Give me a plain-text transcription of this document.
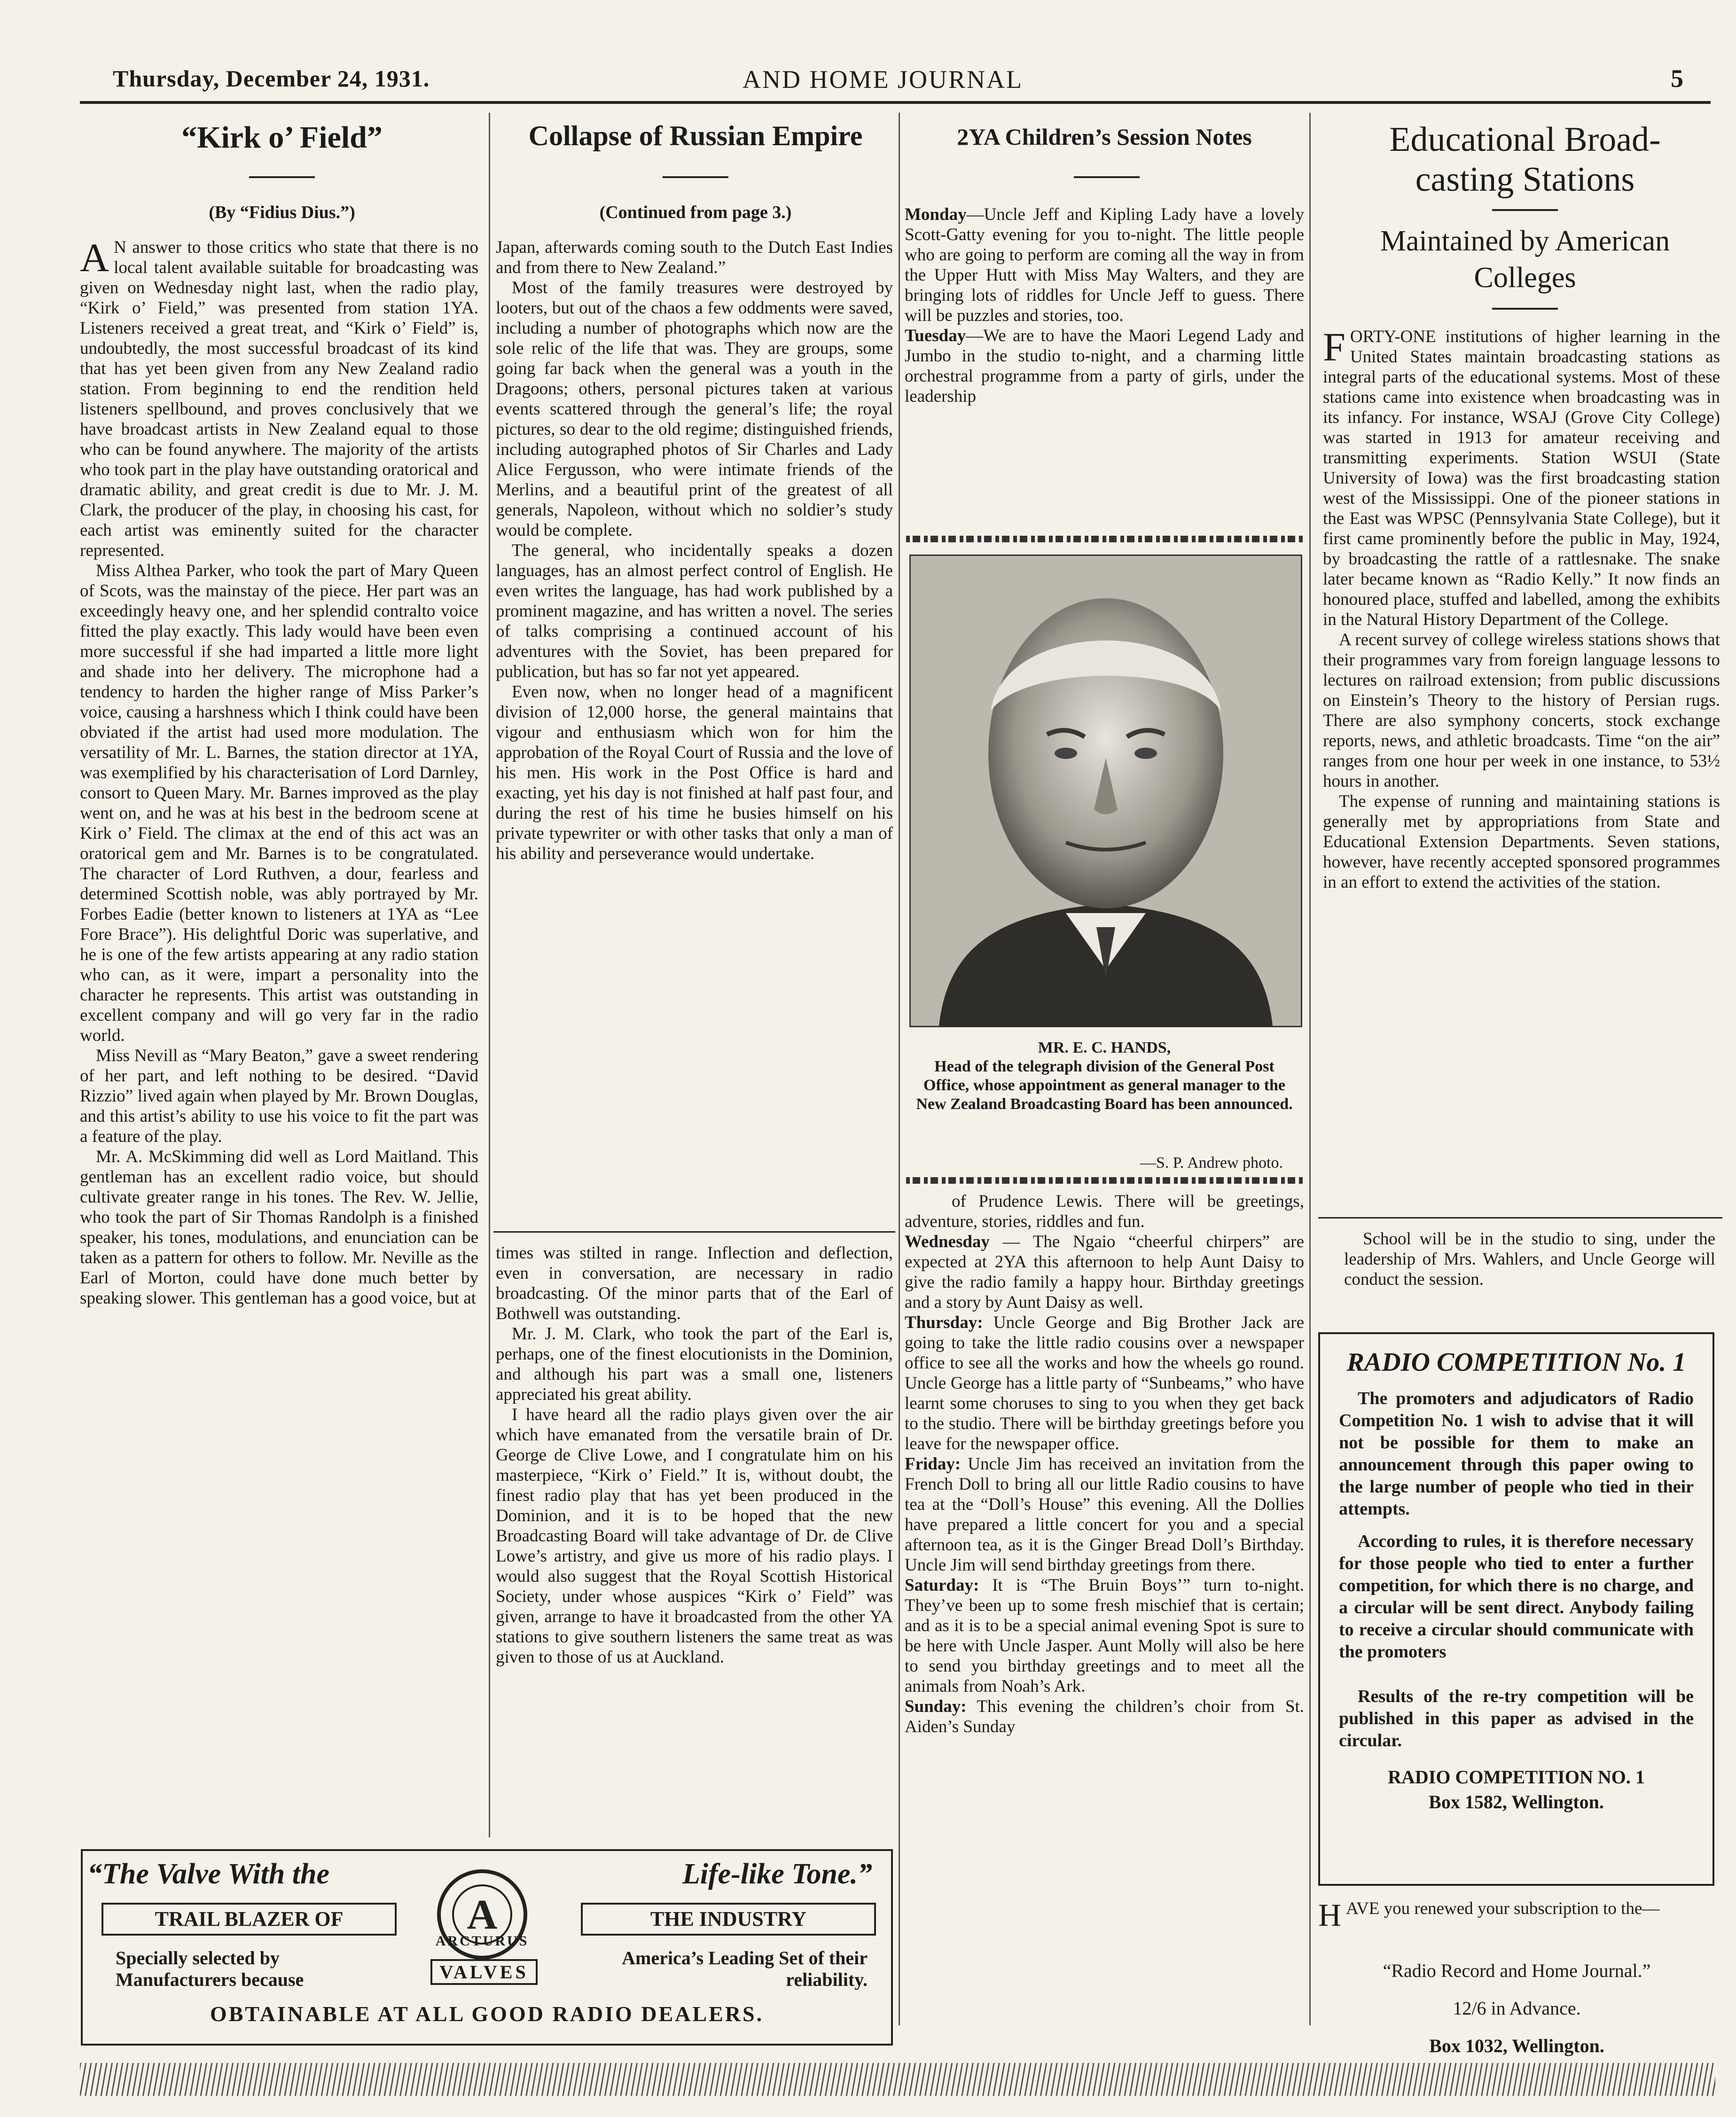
Thursday, December 24, 1931.	AND HOME JOURNAL	5
“Kirk o’ Field”
(By “Fidius Dius.”)

A N answer to those critics who state that there is no local talent available suitable for broadcasting was given on Wednesday night last, when the radio play, “Kirk o’ Field,” was presented from station 1YA. Listeners received a great treat, and “Kirk o’ Field” is, undoubtedly, the most successful broadcast of its kind that has yet been given from any New Zealand radio station. From beginning to end the rendition held listeners spellbound, and proves conclusively that we have broadcast artists in New Zealand equal to those who can be found anywhere. The majority of the artists who took part in the play have outstanding oratorical and dramatic ability, and great credit is due to Mr. J. M. Clark, the producer of the play, in choosing his cast, for each artist was eminently suited for the character represented.

Miss Althea Parker, who took the part of Mary Queen of Scots, was the mainstay of the piece. Her part was an exceedingly heavy one, and her splendid contralto voice fitted the play exactly. This lady would have been even more successful if she had imparted a little more light and shade into her delivery. The microphone had a tendency to harden the higher range of Miss Parker’s voice, causing a harshness which I think could have been obviated if the artist had used more modulation. The versatility of Mr. L. Barnes, the station director at 1YA, was exemplified by his characterisation of Lord Darnley, consort to Queen Mary. Mr. Barnes improved as the play went on, and he was at his best in the bedroom scene at Kirk o’ Field. The climax at the end of this act was an oratorical gem and Mr. Barnes is to be congratulated. The character of Lord Ruthven, a dour, fearless and determined Scottish noble, was ably portrayed by Mr. Forbes Eadie (better known to listeners at 1YA as “Lee Fore Brace”). His delightful Doric was superlative, and he is one of the few artists appearing at any radio station who can, as it were, impart a personality into the character he represents. This artist was outstanding in excellent company and will go very far in the radio world.

Miss Nevill as “Mary Beaton,” gave a sweet rendering of her part, and left nothing to be desired. “David Rizzio” lived again when played by Mr. Brown Douglas, and this artist’s ability to use his voice to fit the part was a feature of the play.

Mr. A. McSkimming did well as Lord Maitland. This gentleman has an excellent radio voice, but should cultivate greater range in his tones. The Rev. W. Jellie, who took the part of Sir Thomas Randolph is a finished speaker, his tones, modulations, and enunciation can be taken as a pattern for others to follow. Mr. Neville as the Earl of Morton, could have done much better by speaking slower. This gentleman has a good voice, but at

Collapse of Russian Empire
(Continued from page 3.)

Japan, afterwards coming south to the Dutch East Indies and from there to New Zealand.”

Most of the family treasures were destroyed by looters, but out of the chaos a few oddments were saved, including a number of photographs which now are the sole relic of the life that was. They are groups, some going far back when the general was a youth in the Dragoons; others, personal pictures taken at various events scattered through the general’s life; the royal pictures, so dear to the old regime; distinguished friends, including autographed photos of Sir Charles and Lady Alice Fergusson, who were intimate friends of the Merlins, and a beautiful print of the greatest of all generals, Napoleon, without which no soldier’s study would be complete.

The general, who incidentally speaks a dozen languages, has an almost perfect control of English. He even writes the language, has had work published by a prominent magazine, and has written a novel. The series of talks comprising a continued account of his adventures with the Soviet, has been prepared for publication, but has so far not yet appeared.

Even now, when no longer head of a magnificent division of 12,000 horse, the general maintains that vigour and enthusiasm which won for him the approbation of the Royal Court of Russia and the love of his men. His work in the Post Office is hard and exacting, yet his day is not finished at half past four, and during the rest of his time he busies himself on his private typewriter or with other tasks that only a man of his ability and perseverance would undertake.

times was stilted in range. Inflection and deflection, even in conversation, are necessary in radio broadcasting. Of the minor parts that of the Earl of Bothwell was outstanding.

Mr. J. M. Clark, who took the part of the Earl is, perhaps, one of the finest elocutionists in the Dominion, and although his part was a small one, listeners appreciated his great ability.

I have heard all the radio plays given over the air which have emanated from the versatile brain of Dr. George de Clive Lowe, and I congratulate him on his masterpiece, “Kirk o’ Field.” It is, without doubt, the finest radio play that has yet been produced in the Dominion, and it is to be hoped that the new Broadcasting Board will take advantage of Dr. de Clive Lowe’s artistry, and give us more of his radio plays. I would also suggest that the Royal Scottish Historical Society, under whose auspices “Kirk o’ Field” was given, arrange to have it broadcasted from the other YA stations to give southern listeners the same treat as was given to those of us at Auckland.

2YA Children’s Session Notes

Monday—Uncle Jeff and Kipling Lady have a lovely Scott-Gatty evening for you to-night. The little people who are going to perform are coming all the way in from the Upper Hutt with Miss May Walters, and they are bringing lots of riddles for Uncle Jeff to guess. There will be puzzles and stories, too.

Tuesday—We are to have the Maori Legend Lady and Jumbo in the studio to-night, and a charming little orchestral programme from a party of girls, under the leadership

MR. E. C. HANDS,
Head of the telegraph division of the General Post Office, whose appointment as general manager to the New Zealand Broadcasting Board has been announced.
—S. P. Andrew photo.

of Prudence Lewis. There will be greetings, adventure, stories, riddles and fun.

Wednesday — The Ngaio “cheerful chirpers” are expected at 2YA this afternoon to help Aunt Daisy to give the radio family a happy hour. Birthday greetings and a story by Aunt Daisy as well.

Thursday: Uncle George and Big Brother Jack are going to take the little radio cousins over a newspaper office to see all the works and how the wheels go round. Uncle George has a little party of “Sunbeams,” who have learnt some choruses to sing to you when they get back to the studio. There will be birthday greetings before you leave for the newspaper office.

Friday: Uncle Jim has received an invitation from the French Doll to bring all our little Radio cousins to have tea at the “Doll’s House” this evening. All the Dollies have prepared a little concert for you and a special afternoon tea, as it is the Ginger Bread Doll’s Birthday. Uncle Jim will send birthday greetings from there.

Saturday: It is “The Bruin Boys’” turn to-night. They’ve been up to some fresh mischief that is certain; and as it is to be a special animal evening Spot is sure to be here with Uncle Jasper. Aunt Molly will also be here to send you birthday greetings and to meet all the animals from Noah’s Ark.

Sunday: This evening the children’s choir from St. Aiden’s Sunday

Educational Broad-
casting Stations
Maintained by American
Colleges

FORTY-ONE institutions of higher learning in the United States maintain broadcasting stations as integral parts of the educational systems. Most of these stations came into existence when broadcasting was in its infancy. For instance, WSAJ (Grove City College) was started in 1913 for amateur receiving and transmitting experiments. Station WSUI (State University of Iowa) was the first broadcasting station west of the Mississippi. One of the pioneer stations in the East was WPSC (Pennsylvania State College), but it first came prominently before the public in May, 1924, by broadcasting the rattle of a rattlesnake. The snake later became known as “Radio Kelly.” It now finds an honoured place, stuffed and labelled, among the exhibits in the Natural History Department of the College.

A recent survey of college wireless stations shows that their programmes vary from foreign language lessons to lectures on railroad extension; from public discussions on Einstein’s Theory to the history of Persian rugs. There are also symphony concerts, stock exchange reports, news, and athletic broadcasts. Time “on the air” ranges from one hour per week in one instance, to 53½ hours in another.

The expense of running and maintaining stations is generally met by appropriations from State and Educational Extension Departments. Seven stations, however, have recently accepted sponsored programmes in an effort to extend the activities of the station.

School will be in the studio to sing, under the leadership of Mrs. Wahlers, and Uncle George will conduct the session.
RADIO COMPETITION No. 1
The promoters and adjudicators of Radio Competition No. 1 wish to advise that it will not be possible for them to make an announcement through this paper owing to the large number of people who tied in their attempts.
According to rules, it is therefore necessary for those people who tied to enter a further competition, for which there is no charge, and a circular will be sent direct. Anybody failing to receive a circular should communicate with the promoters
Results of the re-try competition will be published in this paper as advised in the circular.
RADIO COMPETITION NO. 1
Box 1582, Wellington.

HAVE you renewed your subscription to the—

“Radio Record and Home Journal.”
12/6 in Advance.
Box 1032, Wellington.
“The Valve With the	Life-like Tone.”
TRAIL BLAZER OF	THE INDUSTRY
A
ARCTURUS
VALVES
Specially selected by Manufacturers because
America’s Leading Set of their reliability.
OBTAINABLE AT ALL GOOD RADIO DEALERS.
